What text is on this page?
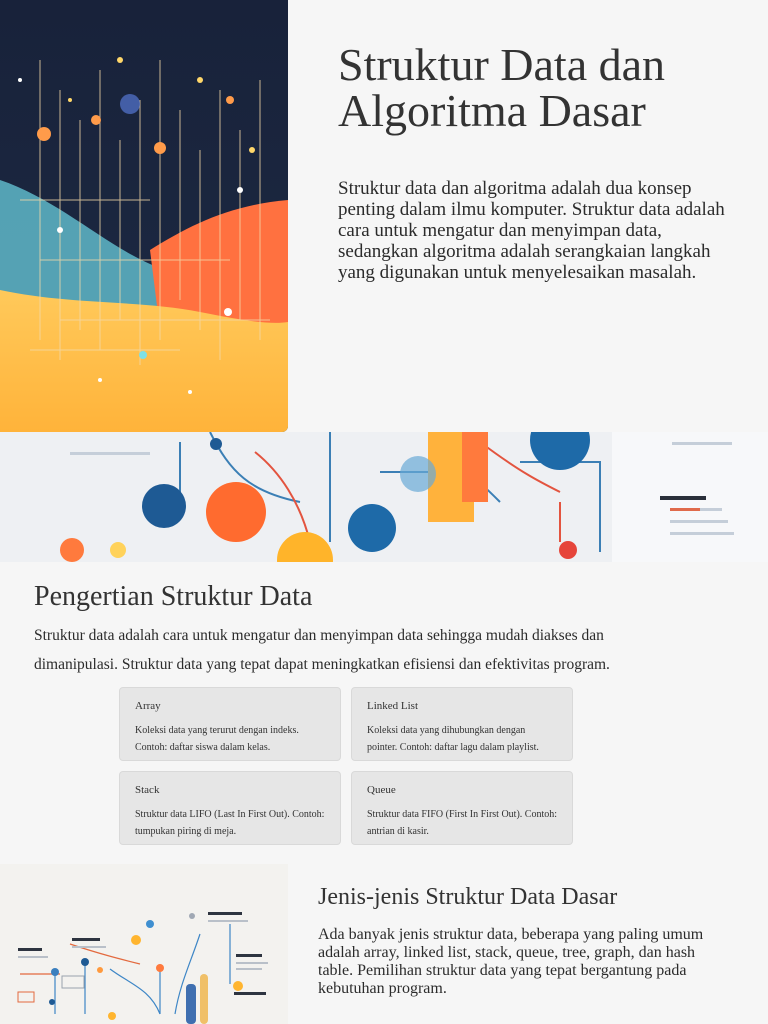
Struktur Data dan Algoritma Dasar

Struktur data dan algoritma adalah dua konsep penting dalam ilmu komputer. Struktur data adalah cara untuk mengatur dan menyimpan data, sedangkan algoritma adalah serangkaian langkah yang digunakan untuk menyelesaikan masalah.

Pengertian Struktur Data

Struktur data adalah cara untuk mengatur dan menyimpan data sehingga mudah diakses dan dimanipulasi. Struktur data yang tepat dapat meningkatkan efisiensi dan efektivitas program.

Array

Koleksi data yang terurut dengan indeks. Contoh: daftar siswa dalam kelas.

Linked List

Koleksi data yang dihubungkan dengan pointer. Contoh: daftar lagu dalam playlist.

Stack

Struktur data LIFO (Last In First Out). Contoh: tumpukan piring di meja.

Queue

Struktur data FIFO (First In First Out). Contoh: antrian di kasir.

Jenis-jenis Struktur Data Dasar

Ada banyak jenis struktur data, beberapa yang paling umum adalah array, linked list, stack, queue, tree, graph, dan hash table. Pemilihan struktur data yang tepat bergantung pada kebutuhan program.
